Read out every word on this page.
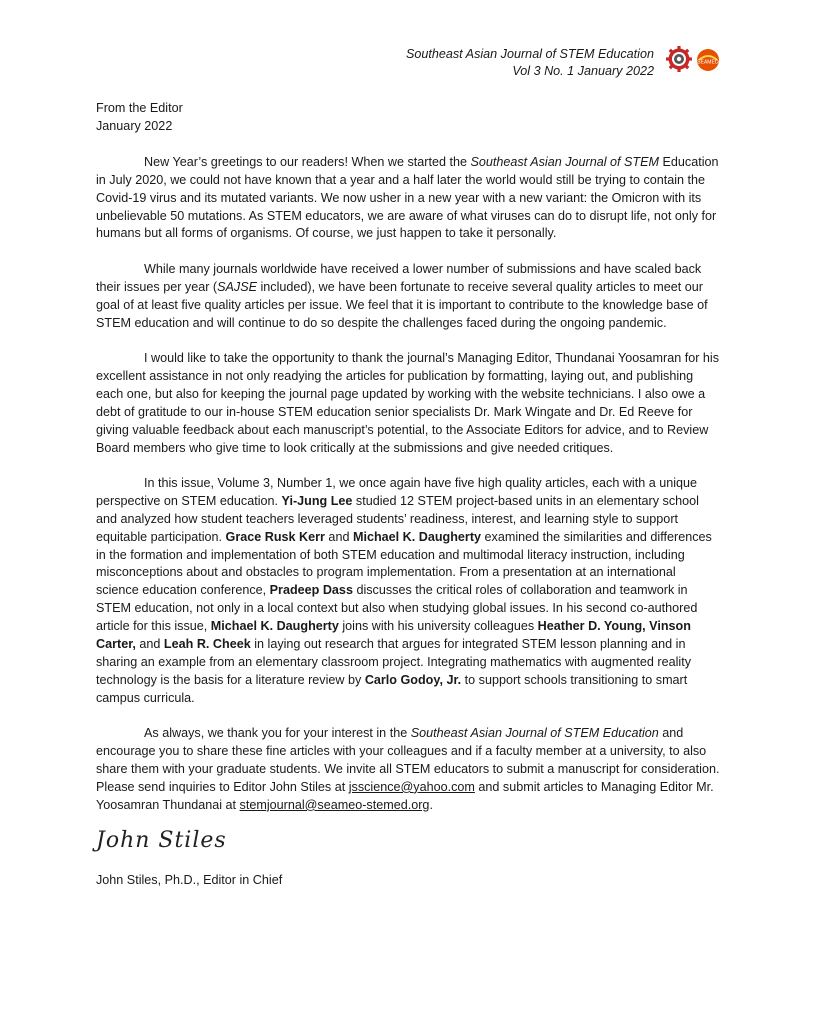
Southeast Asian Journal of STEM Education
Vol 3 No. 1 January 2022
SEAMEO
From the Editor
January 2022

New Year’s greetings to our readers! When we started the Southeast Asian Journal of STEM Education in July 2020, we could not have known that a year and a half later the world would still be trying to contain the Covid-19 virus and its mutated variants. We now usher in a new year with a new variant: the Omicron with its unbelievable 50 mutations. As STEM educators, we are aware of what viruses can do to disrupt life, not only for humans but all forms of organisms. Of course, we just happen to take it personally.

While many journals worldwide have received a lower number of submissions and have scaled back their issues per year (SAJSE included), we have been fortunate to receive several quality articles to meet our goal of at least five quality articles per issue. We feel that it is important to contribute to the knowledge base of STEM education and will continue to do so despite the challenges faced during the ongoing pandemic.

I would like to take the opportunity to thank the journal’s Managing Editor, Thundanai Yoosamran for his excellent assistance in not only readying the articles for publication by formatting, laying out, and publishing each one, but also for keeping the journal page updated by working with the website technicians. I also owe a debt of gratitude to our in-house STEM education senior specialists Dr. Mark Wingate and Dr. Ed Reeve for giving valuable feedback about each manuscript’s potential, to the Associate Editors for advice, and to Review Board members who give time to look critically at the submissions and give needed critiques.

In this issue, Volume 3, Number 1, we once again have five high quality articles, each with a unique perspective on STEM education. Yi-Jung Lee studied 12 STEM project-based units in an elementary school and analyzed how student teachers leveraged students’ readiness, interest, and learning style to support equitable participation. Grace Rusk Kerr and Michael K. Daugherty examined the similarities and differences in the formation and implementation of both STEM education and multimodal literacy instruction, including misconceptions about and obstacles to program implementation. From a presentation at an international science education conference, Pradeep Dass discusses the critical roles of collaboration and teamwork in STEM education, not only in a local context but also when studying global issues. In his second co-authored article for this issue, Michael K. Daugherty joins with his university colleagues Heather D. Young, Vinson Carter, and Leah R. Cheek in laying out research that argues for integrated STEM lesson planning and in sharing an example from an elementary classroom project. Integrating mathematics with augmented reality technology is the basis for a literature review by Carlo Godoy, Jr. to support schools transitioning to smart campus curricula.

As always, we thank you for your interest in the Southeast Asian Journal of STEM Education and encourage you to share these fine articles with your colleagues and if a faculty member at a university, to also share them with your graduate students. We invite all STEM educators to submit a manuscript for consideration. Please send inquiries to Editor John Stiles at jsscience@yahoo.com and submit articles to Managing Editor Mr. Yoosamran Thundanai at stemjournal@seameo-stemed.org.

John Stiles
John Stiles, Ph.D., Editor in Chief
